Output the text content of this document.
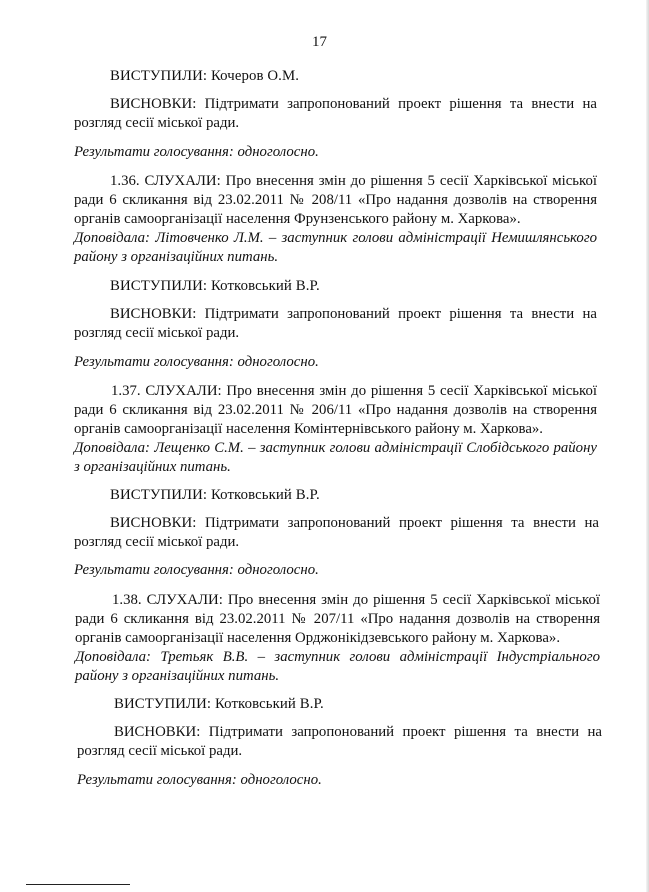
17
ВИСТУПИЛИ: Кочеров О.М.
ВИСНОВКИ: Підтримати запропонований проект рішення та внести на
розгляд сесії міської ради.
Результати голосування: одноголосно.
1.36. СЛУХАЛИ: Про внесення змін до рішення 5 сесії Харківської міської
ради 6 скликання від 23.02.2011 № 208/11 «Про надання дозволів на створення
органів самоорганізації населення Фрунзенського району м. Харкова».
Доповідала: Літовченко Л.М. – заступник голови адміністрації Немишлянського
району з організаційних питань.
ВИСТУПИЛИ: Котковський В.Р.
ВИСНОВКИ: Підтримати запропонований проект рішення та внести на
розгляд сесії міської ради.
Результати голосування: одноголосно.
1.37. СЛУХАЛИ: Про внесення змін до рішення 5 сесії Харківської міської
ради 6 скликання від 23.02.2011 № 206/11 «Про надання дозволів на створення
органів самоорганізації населення Комінтернівського району м. Харкова».
Доповідала: Лещенко С.М. – заступник голови адміністрації Слобідського району
з організаційних питань.
ВИСТУПИЛИ: Котковський В.Р.
ВИСНОВКИ: Підтримати запропонований проект рішення та внести на
розгляд сесії міської ради.
Результати голосування: одноголосно.
1.38. СЛУХАЛИ: Про внесення змін до рішення 5 сесії Харківської міської
ради 6 скликання від 23.02.2011 № 207/11 «Про надання дозволів на створення
органів самоорганізації населення Орджонікідзевського району м. Харкова».
Доповідала: Третьяк В.В. – заступник голови адміністрації Індустріального
району з організаційних питань.
ВИСТУПИЛИ: Котковський В.Р.
ВИСНОВКИ: Підтримати запропонований проект рішення та внести на
розгляд сесії міської ради.
Результати голосування: одноголосно.
